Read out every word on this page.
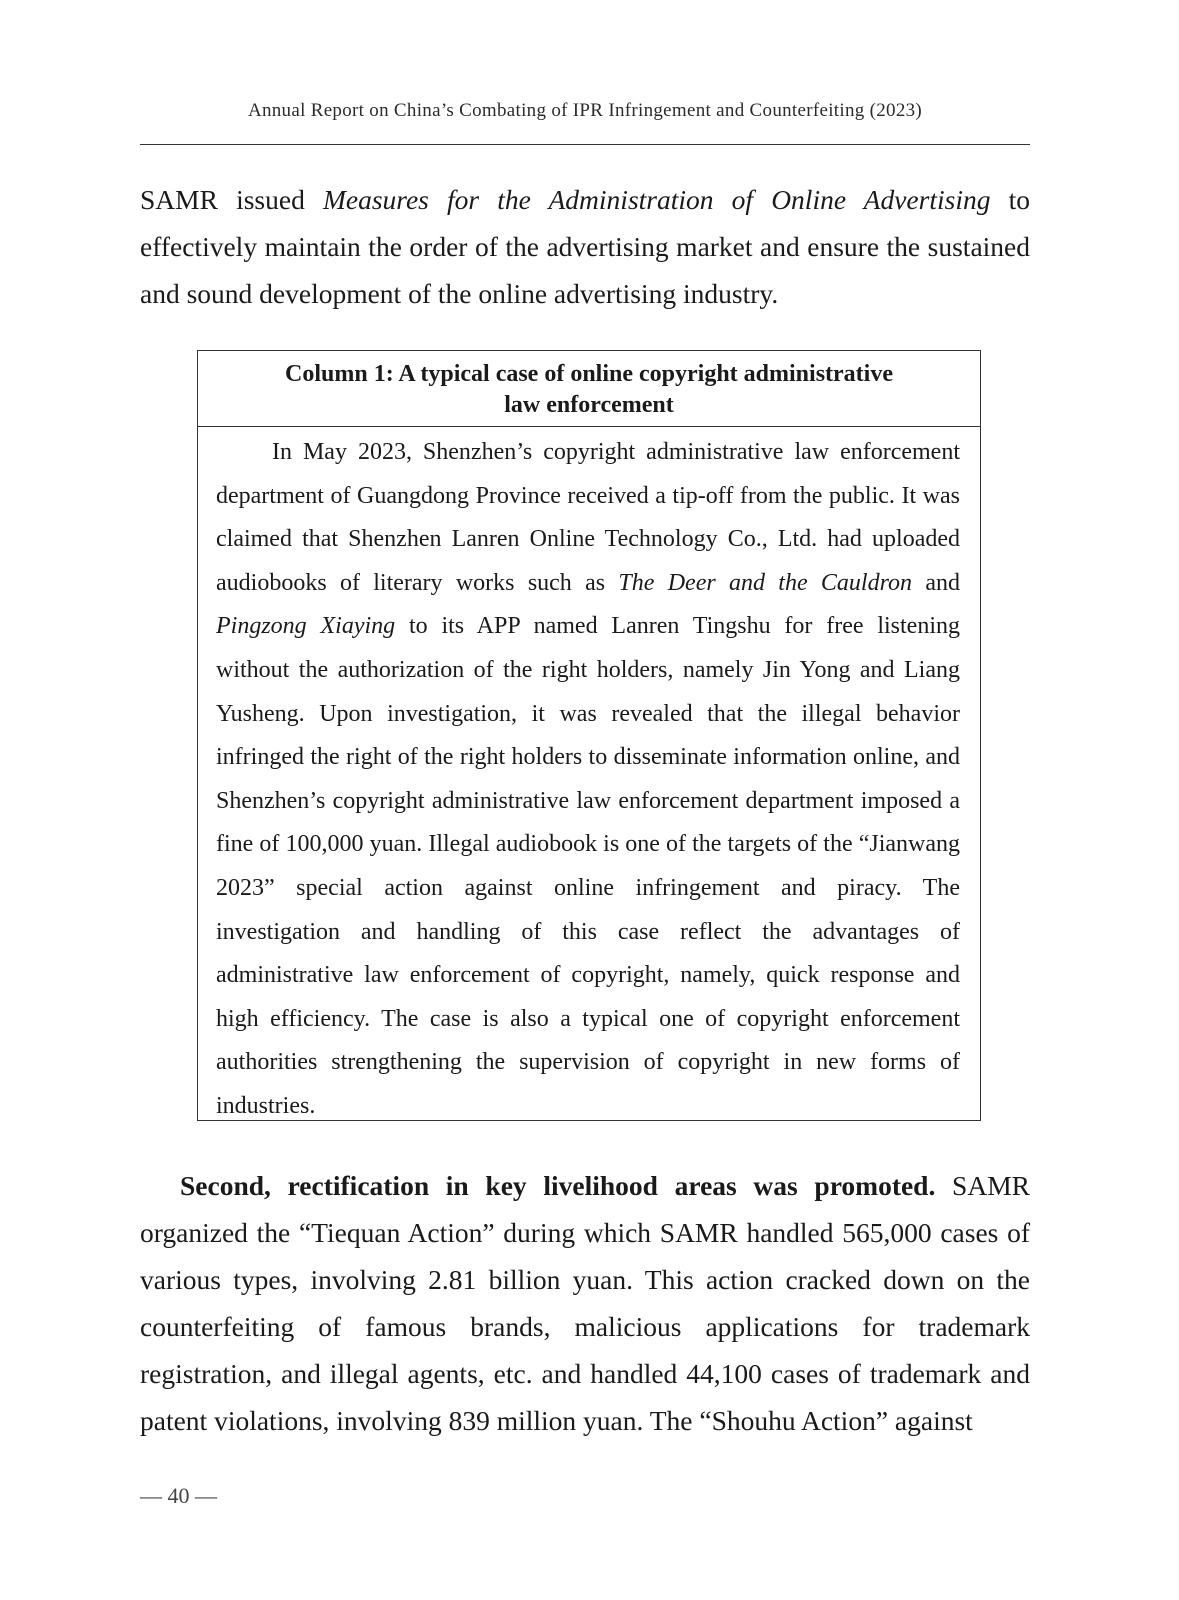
Annual Report on China’s Combating of IPR Infringement and Counterfeiting (2023)

SAMR issued Measures for the Administration of Online Advertising to effectively maintain the order of the advertising market and ensure the sustained and sound development of the online advertising industry.

Column 1: A typical case of online copyright administrative
law enforcement

In May 2023, Shenzhen’s copyright administrative law enforcement department of Guangdong Province received a tip-off from the public. It was claimed that Shenzhen Lanren Online Technology Co., Ltd. had uploaded audiobooks of literary works such as The Deer and the Cauldron and Pingzong Xiaying to its APP named Lanren Tingshu for free listening without the authorization of the right holders, namely Jin Yong and Liang Yusheng. Upon investigation, it was revealed that the illegal behavior infringed the right of the right holders to disseminate information online, and Shenzhen’s copyright administrative law enforcement department imposed a fine of 100,000 yuan. Illegal audiobook is one of the targets of the “Jianwang 2023” special action against online infringement and piracy. The investigation and handling of this case reflect the advantages of administrative law enforcement of copyright, namely, quick response and high efficiency. The case is also a typical one of copyright enforcement authorities strengthening the supervision of copyright in new forms of industries.

Second, rectification in key livelihood areas was promoted. SAMR organized the “Tiequan Action” during which SAMR handled 565,000 cases of various types, involving 2.81 billion yuan. This action cracked down on the counterfeiting of famous brands, malicious applications for trademark registration, and illegal agents, etc. and handled 44,100 cases of trademark and patent violations, involving 839 million yuan. The “Shouhu Action” against

— 40 —
